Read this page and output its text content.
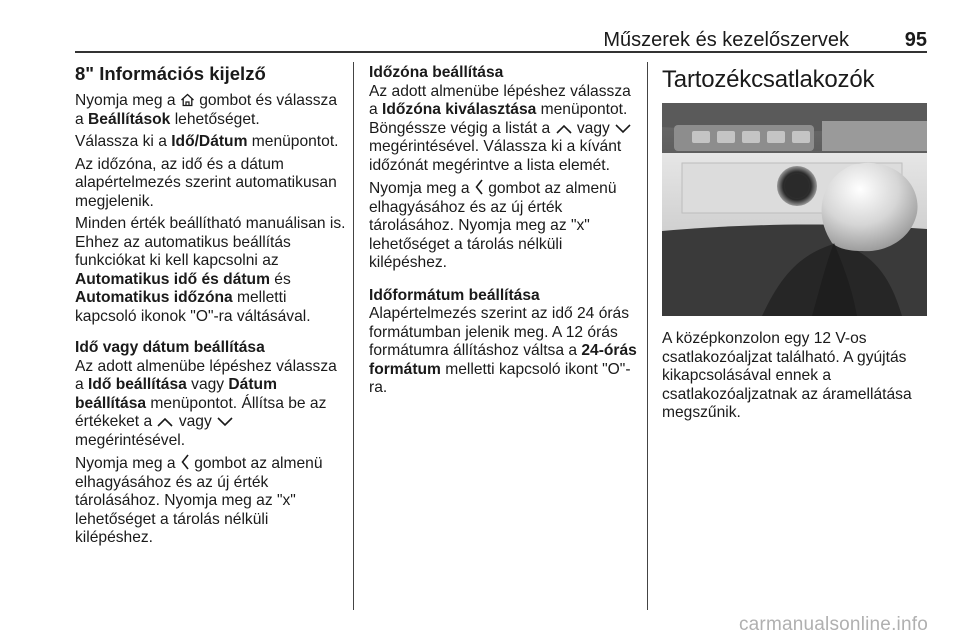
Műszerek és kezelőszervek	95
8" Információs kijelző

Nyomja meg a  gombot és válassza a Beállítások lehetőséget.

Válassza ki a Idő/Dátum menüpontot.

Az időzóna, az idő és a dátum alapértelmezés szerint automatikusan megjelenik.

Minden érték beállítható manuálisan is. Ehhez az automatikus beállítás funkciókat ki kell kapcsolni az Automatikus idő és dátum és Automatikus időzóna melletti kapcsoló ikonok "O"-ra váltásával.

Idő vagy dátum beállítása

Az adott almenübe lépéshez válassza a Idő beállítása vagy Dátum beállítása menüpontot. Állítsa be az értékeket a  vagy  megérintésével.

Nyomja meg a  gombot az almenü elhagyásához és az új érték tárolásához. Nyomja meg az "x" lehetőséget a tárolás nélküli kilépéshez.

Időzóna beállítása

Az adott almenübe lépéshez válassza a Időzóna kiválasztása menüpontot. Böngéssze végig a listát a  vagy  megérintésével. Válassza ki a kívánt időzónát megérintve a lista elemét.

Nyomja meg a  gombot az almenü elhagyásához és az új érték tárolásához. Nyomja meg az "x" lehetőséget a tárolás nélküli kilépéshez.

Időformátum beállítása

Alapértelmezés szerint az idő 24 órás formátumban jelenik meg. A 12 órás formátumra állításhoz váltsa a 24-órás formátum melletti kapcsoló ikont "O"-ra.

Tartozékcsatlakozók

A középkonzolon egy 12 V-os csatlakozóaljzat található. A gyújtás kikapcsolásával ennek a csatlakozóaljzatnak az áramellátása megszűnik.

carmanualsonline.info
